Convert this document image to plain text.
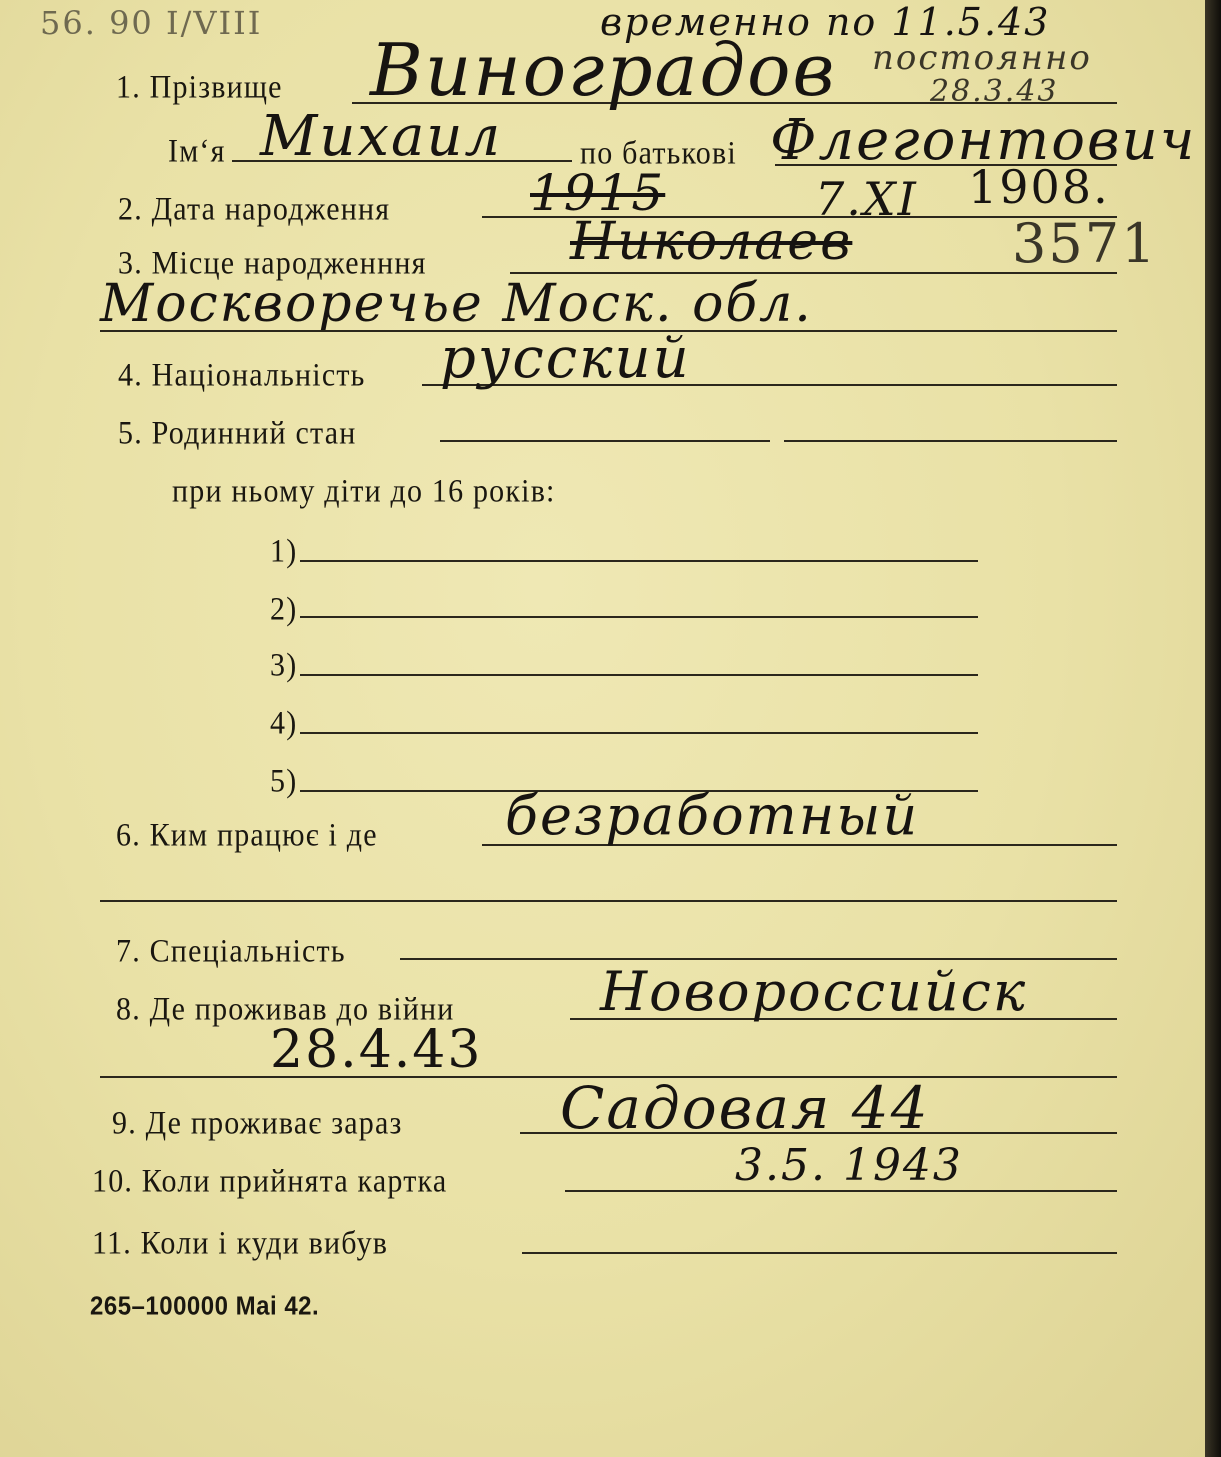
56. 90 I/VIII	временно по 11.5.43
постоянно
28.3.43
1. Прізвище Виноградов
Ім‘я Михаил	по батькові Флегонтович
2. Дата народження	1915	7.XI 1908.
3. Місце народженння	Николаев	3571
Москворечье Моск. обл.
4. Національність русский
5. Родинний стан
при ньому діти до 16 років:
1)
2)
3)
4)
5)
6. Ким працює і де безработный
7. Спеціальність
8. Де проживав до війни	Новороссийск
28.4.43
9. Де проживає зараз	Садовая 44
10. Коли прийнята картка	3.5. 1943
11. Коли і куди вибув
265–100000 Mai 42.
